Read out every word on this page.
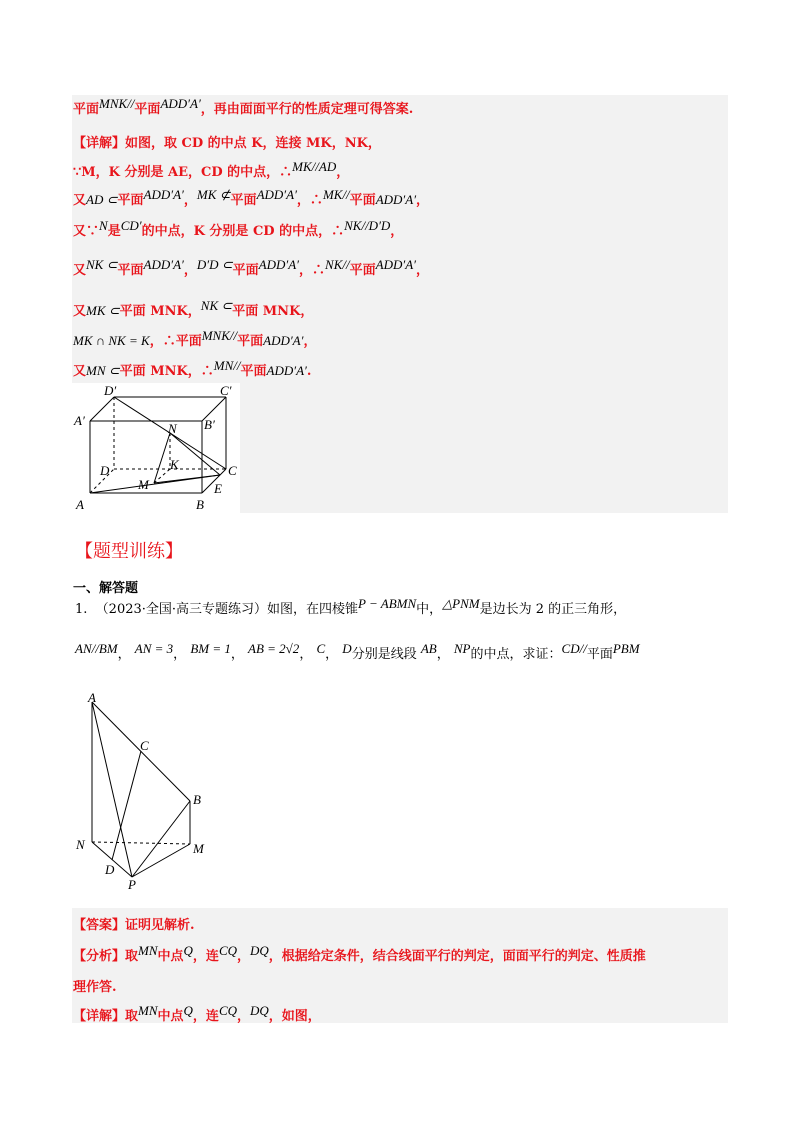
平面MNK//平面ADD′A′，再由面面平行的性质定理可得答案.
【详解】如图，取 CD 的中点 K，连接 MK，NK，
∵M，K 分别是 AE，CD 的中点，∴MK//AD，
又AD ⊂平面ADD′A′，MK ⊄平面ADD′A′，∴MK//平面ADD′A′，
又∵N是CD′的中点，K 分别是 CD 的中点，∴NK//D′D，
又NK ⊂平面ADD′A′，D′D ⊂平面ADD′A′，∴NK//平面ADD′A′，
又MK ⊂平面 MNK，NK ⊂平面 MNK，
MK ∩ NK = K，∴平面MNK//平面ADD′A′，
又MN ⊂平面 MNK，∴MN//平面ADD′A′.
D′	C′
A′	B′
N
K
D	C
M	E
A	B
【题型训练】
一、解答题
1. （2023·全国·高三专题练习）如图，在四棱锥P − ABMN中，△PNM是边长为 2 的正三角形，
AN//BM， AN = 3， BM = 1， AB = 2√2， C， D分别是线段 AB， NP的中点，求证：CD//平面PBM
A
C
B
N	M
D
P
【答案】证明见解析.
【分析】取MN中点Q，连CQ，DQ，根据给定条件，结合线面平行的判定，面面平行的判定、性质推
理作答.
【详解】取MN中点Q，连CQ，DQ，如图，
